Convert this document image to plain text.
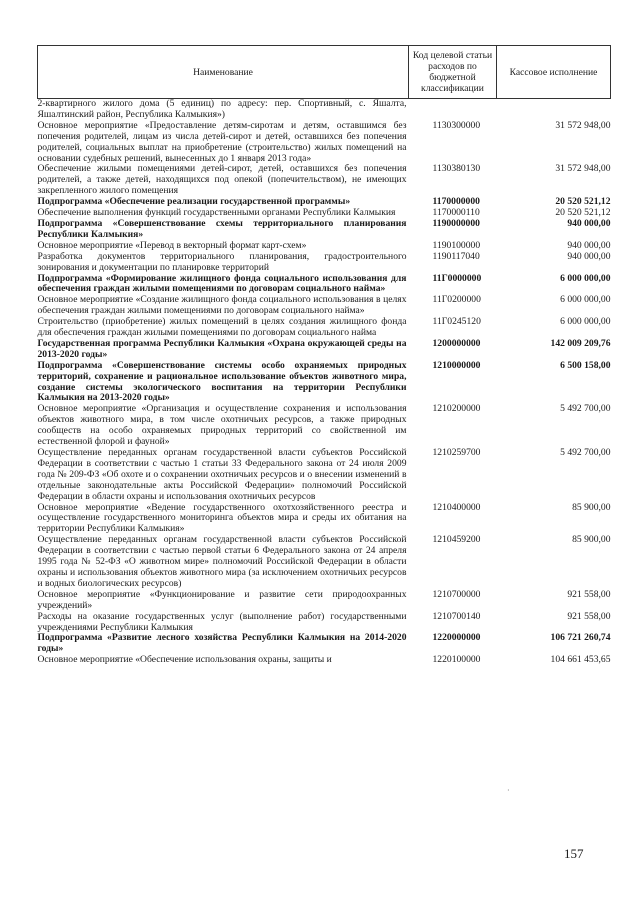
Наименование	Код целевой статьи расходов по бюджетной классификации	Кассовое исполнение
2-квартирного жилого дома (5 единиц) по адресу: пер. Спортивный, с. Яшалта, Яшалтинский район, Республика Калмыкия»)		
Основное мероприятие «Предоставление детям-сиротам и детям, оставшимся без попечения родителей, лицам из числа детей-сирот и детей, оставшихся без попечения родителей, социальных выплат на приобретение (строительство) жилых помещений на основании судебных решений, вынесенных до 1 января 2013 года»	1130300000	31 572 948,00
Обеспечение жилыми помещениями детей-сирот, детей, оставшихся без попечения родителей, а также детей, находящихся под опекой (попечительством), не имеющих закрепленного жилого помещения	1130380130	31 572 948,00
Подпрограмма «Обеспечение реализации государственной программы»	1170000000	20 520 521,12
Обеспечение выполнения функций государственными органами Республики Калмыкия	1170000110	20 520 521,12
Подпрограмма «Совершенствование схемы территориального планирования Республики Калмыкия»	1190000000	940 000,00
Основное мероприятие «Перевод в векторный формат карт-схем»	1190100000	940 000,00
Разработка документов территориального планирования, градостроительного зонирования и документации по планировке территорий	1190117040	940 000,00
Подпрограмма «Формирование жилищного фонда социального использования для обеспечения граждан жилыми помещениями по договорам социального найма»	11Г0000000	6 000 000,00
Основное мероприятие «Создание жилищного фонда социального использования в целях обеспечения граждан жилыми помещениями по договорам социального найма»	11Г0200000	6 000 000,00
Строительство (приобретение) жилых помещений в целях создания жилищного фонда для обеспечения граждан жилыми помещениями по договорам социального найма	11Г0245120	6 000 000,00
Государственная программа Республики Калмыкия «Охрана окружающей среды на 2013-2020 годы»	1200000000	142 009 209,76
Подпрограмма «Совершенствование системы особо охраняемых природных территорий, сохранение и рациональное использование объектов животного мира, создание системы экологического воспитания на территории Республики Калмыкия на 2013-2020 годы»	1210000000	6 500 158,00
Основное мероприятие «Организация и осуществление сохранения и использования объектов животного мира, в том числе охотничьих ресурсов, а также природных сообществ на особо охраняемых природных территорий со свойственной им естественной флорой и фауной»	1210200000	5 492 700,00
Осуществление переданных органам государственной власти субъектов Российской Федерации в соответствии с частью 1 статьи 33 Федерального закона от 24 июля 2009 года № 209-ФЗ «Об охоте и о сохранении охотничьих ресурсов и о внесении изменений в отдельные законодательные акты Российской Федерации» полномочий Российской Федерации в области охраны и использования охотничьих ресурсов	1210259700	5 492 700,00
Основное мероприятие «Ведение государственного охотхозяйственного реестра и осуществление государственного мониторинга объектов мира и среды их обитания на территории Республики Калмыкия»	1210400000	85 900,00
Осуществление переданных органам государственной власти субъектов Российской Федерации в соответствии с частью первой статьи 6 Федерального закона от 24 апреля 1995 года № 52-ФЗ «О животном мире» полномочий Российской Федерации в области охраны и использования объектов животного мира (за исключением охотничьих ресурсов и водных биологических ресурсов)	1210459200	85 900,00
Основное мероприятие «Функционирование и развитие сети природоохранных учреждений»	1210700000	921 558,00
Расходы на оказание государственных услуг (выполнение работ) государственными учреждениями Республики Калмыкия	1210700140	921 558,00
Подпрограмма «Развитие лесного хозяйства Республики Калмыкия на 2014-2020 годы»	1220000000	106 721 260,74
Основное мероприятие «Обеспечение использования охраны, защиты и	1220100000	104 661 453,65
·
157
